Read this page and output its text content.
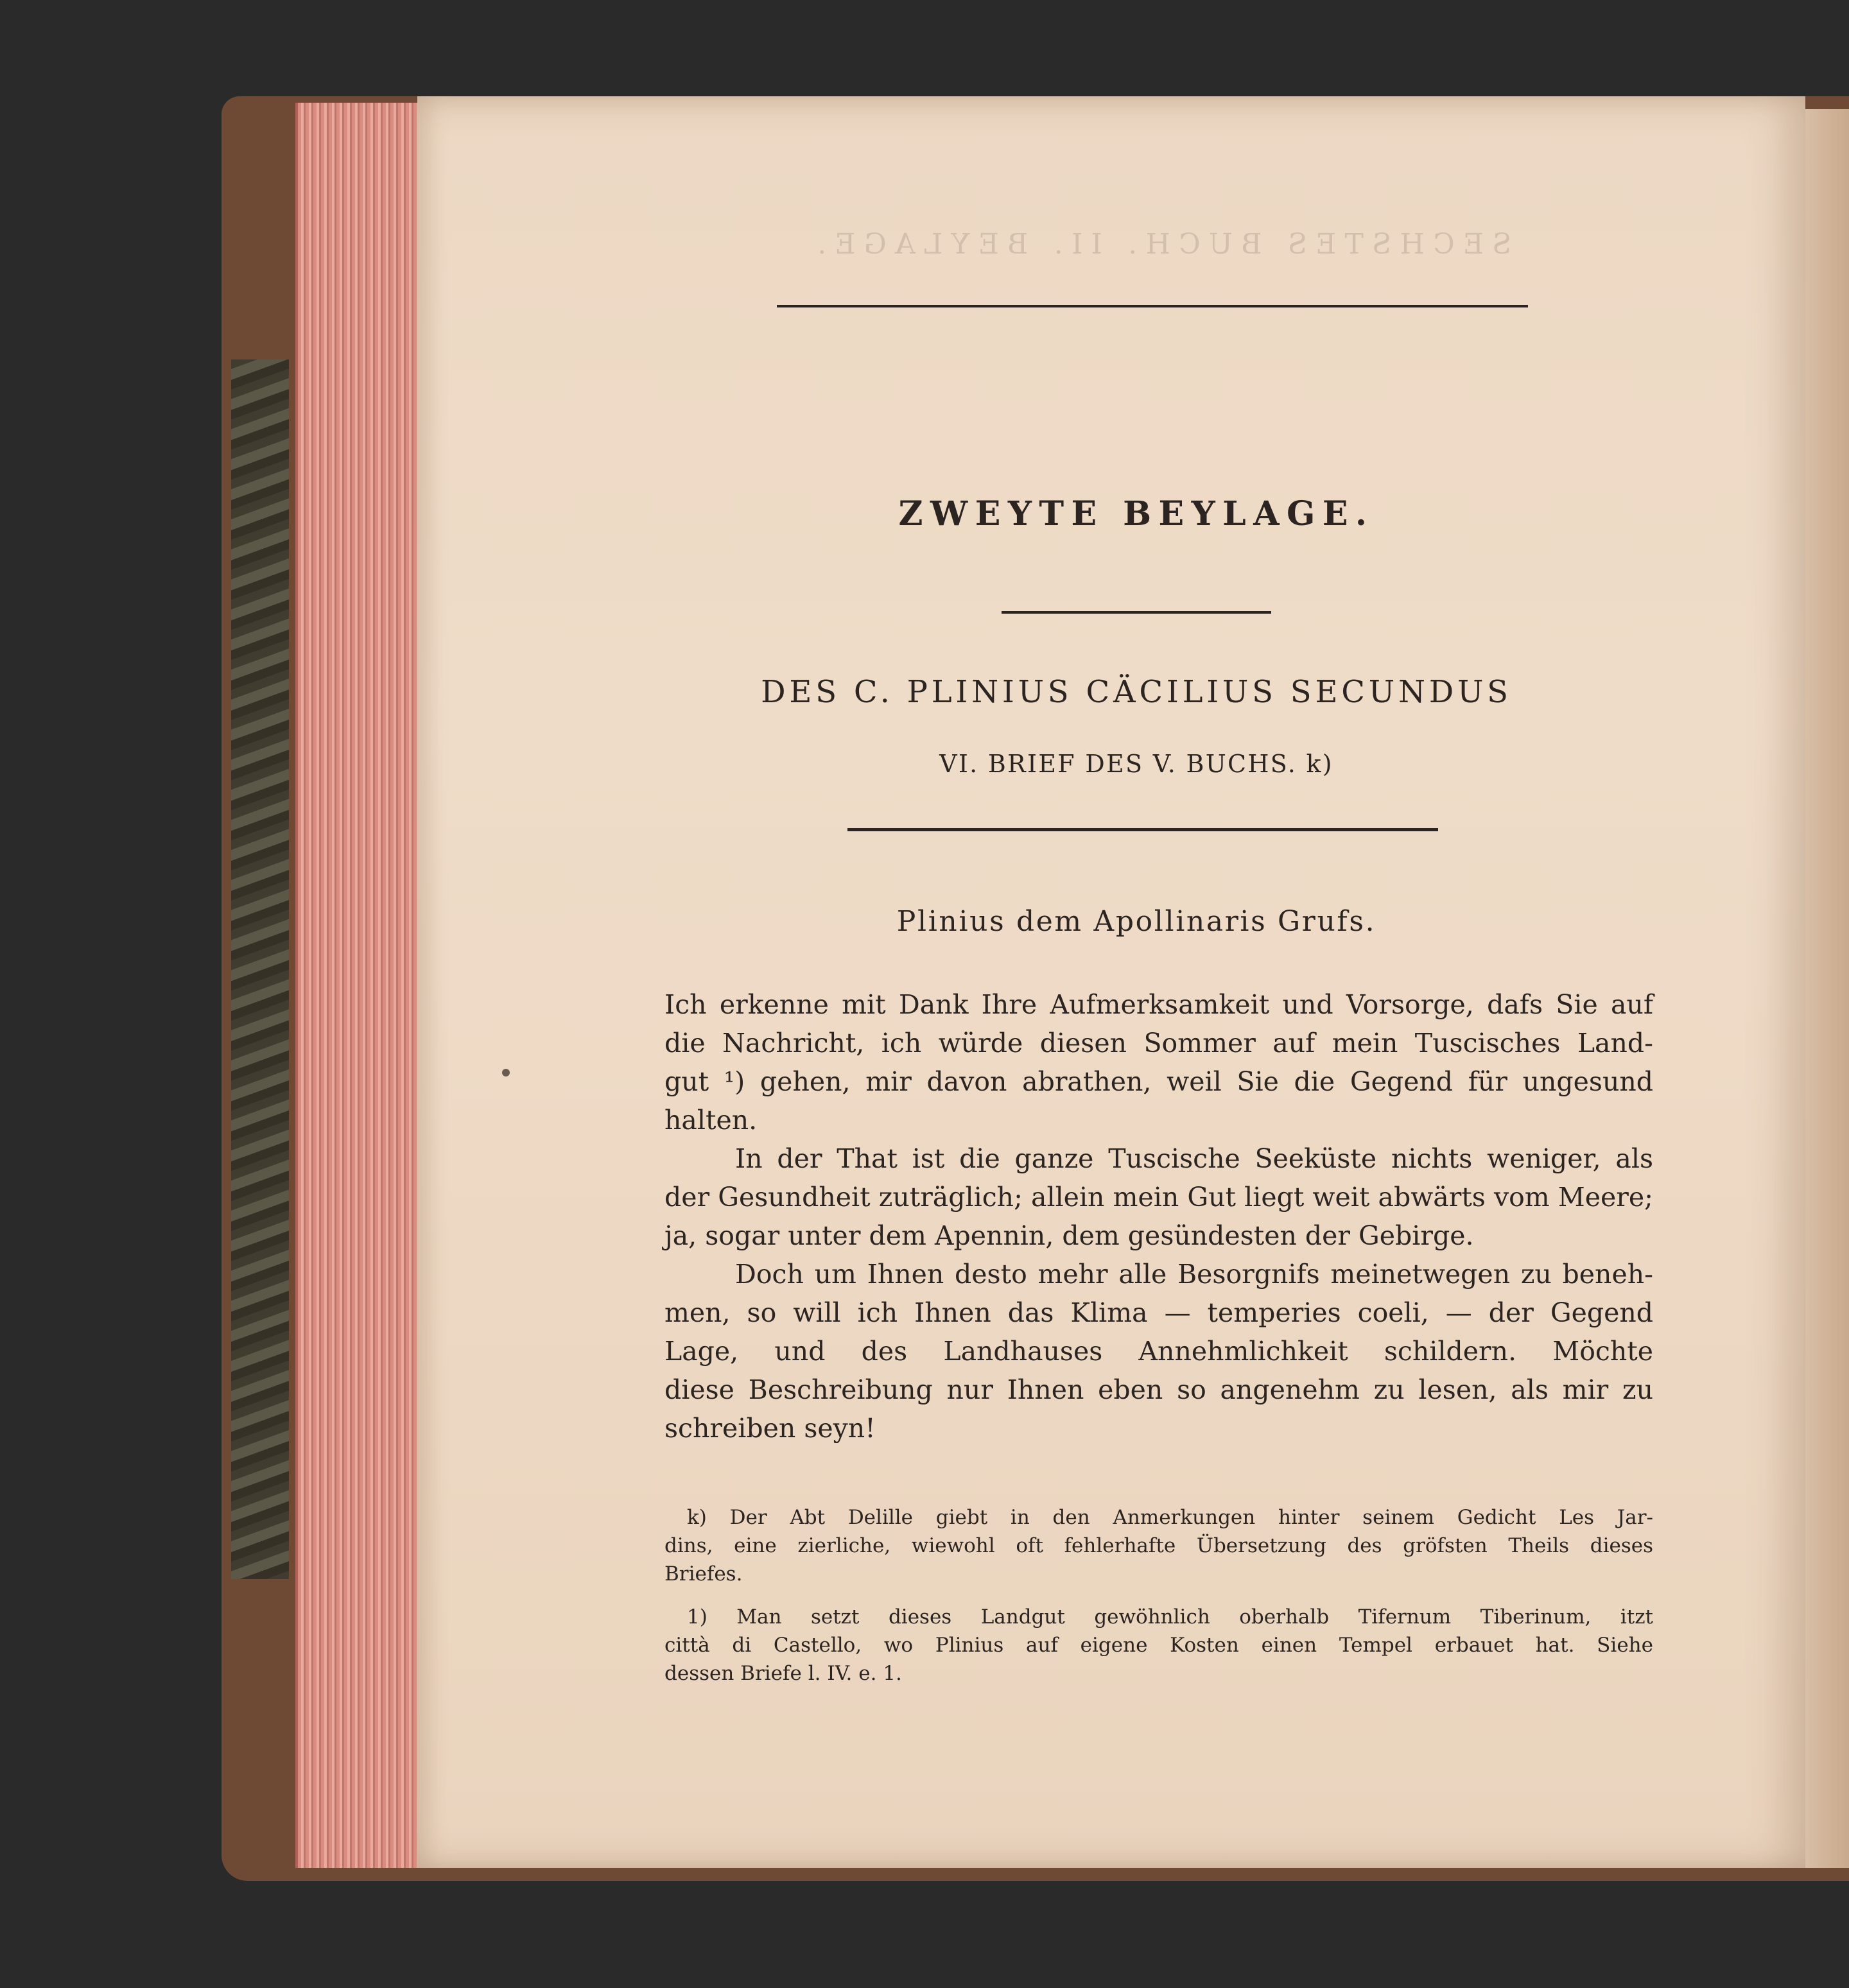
SECHSTES BUCH. II. BEYLAGE.
ZWEYTE BEYLAGE.
DES C. PLINIUS CÄCILIUS SECUNDUS
VI. BRIEF DES V. BUCHS. k)
Plinius dem Apollinaris Grufs.
Ich erkenne mit Dank Ihre Aufmerksamkeit und Vorsorge, dafs Sie auf
die Nachricht, ich würde diesen Sommer auf mein Tuscisches Land-
gut ¹) gehen, mir davon abrathen, weil Sie die Gegend für ungesund
halten.
In der That ist die ganze Tuscische Seeküste nichts weniger, als
der Gesundheit zuträglich; allein mein Gut liegt weit abwärts vom Meere;
ja, sogar unter dem Apennin, dem gesündesten der Gebirge.
Doch um Ihnen desto mehr alle Besorgnifs meinetwegen zu beneh-
men, so will ich Ihnen das Klima — temperies coeli, — der Gegend
Lage, und des Landhauses Annehmlichkeit schildern. Möchte
diese Beschreibung nur Ihnen eben so angenehm zu lesen, als mir zu
schreiben seyn!
k) Der Abt Delille giebt in den Anmerkungen hinter seinem Gedicht Les Jar-
dins, eine zierliche, wiewohl oft fehlerhafte Übersetzung des gröfsten Theils dieses
Briefes.
1) Man setzt dieses Landgut gewöhnlich oberhalb Tifernum Tiberinum, itzt
città di Castello, wo Plinius auf eigene Kosten einen Tempel erbauet hat. Siehe
dessen Briefe l. IV. e. 1.
